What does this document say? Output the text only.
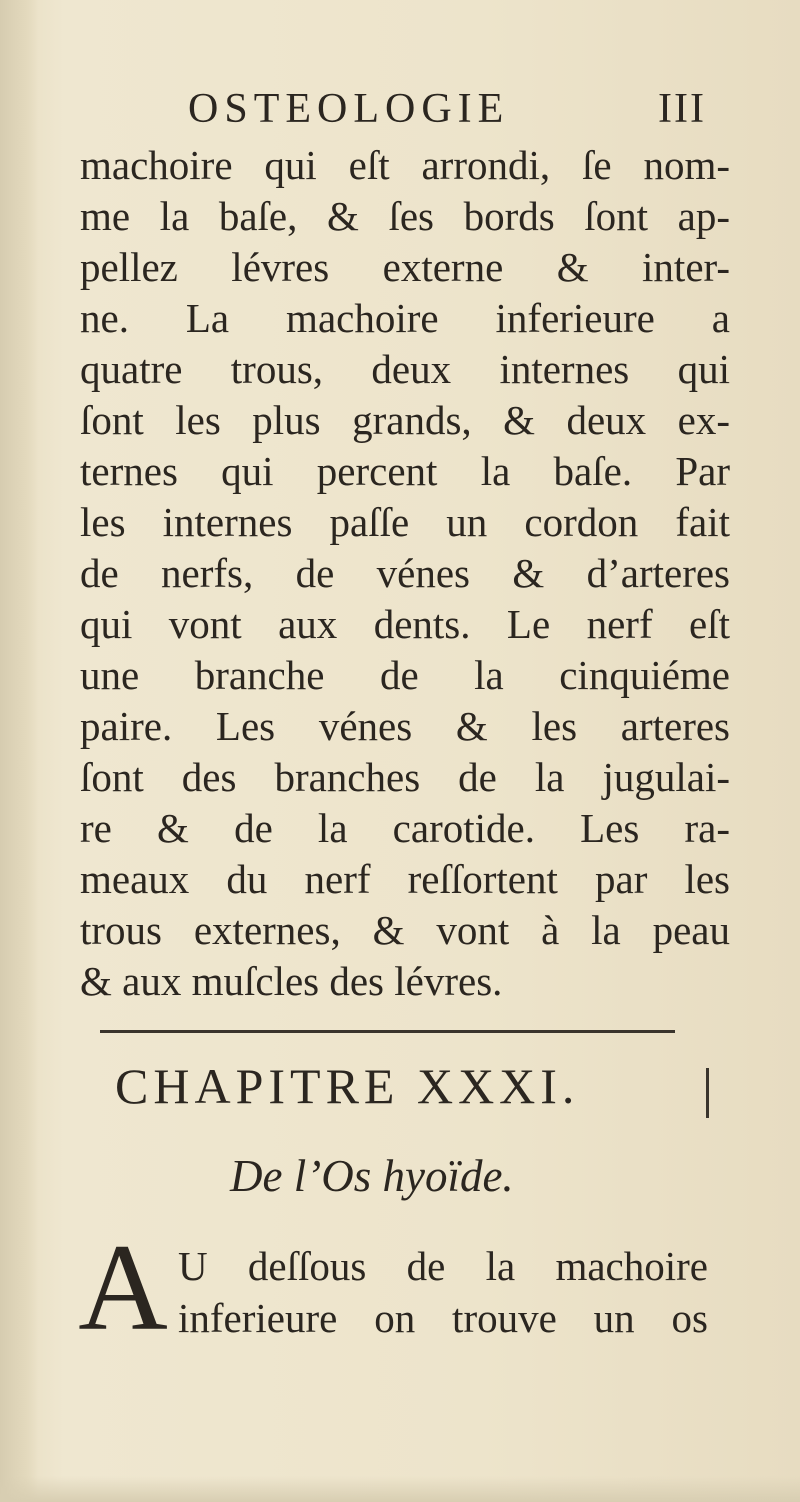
OSTEOLOGIE	III
machoire qui eſt arrondi, ſe nom-
me la baſe, & ſes bords ſont ap-
pellez lévres externe & inter-
ne. La machoire inferieure a
quatre trous, deux internes qui
ſont les plus grands, & deux ex-
ternes qui percent la baſe. Par
les internes paſſe un cordon fait
de nerfs, de vénes & d’arteres
qui vont aux dents. Le nerf eſt
une branche de la cinquiéme
paire. Les vénes & les arteres
ſont des branches de la jugulai-
re & de la carotide. Les ra-
meaux du nerf reſſortent par les
trous externes, & vont à la peau
& aux muſcles des lévres.
CHAPITRE XXXI.
De l’Os hyoïde.
A U deſſous de la machoire
inferieure on trouve un os
